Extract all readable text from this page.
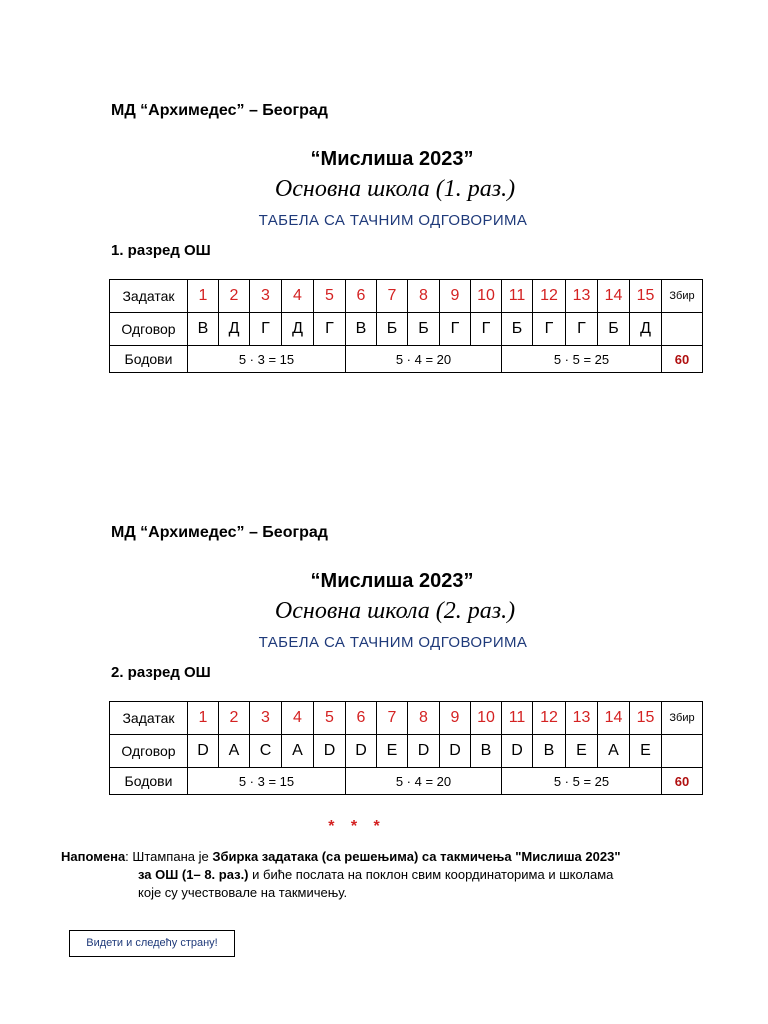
МД “Архимедес” – Београд
“Мислиша 2023”
Основна школа (1. раз.)
ТАБЕЛА СА ТАЧНИМ ОДГОВОРИМА
1. разред ОШ
Задатак	1	2	3	4	5	6	7	8	9	10	11	12	13	14	15	Збир
Одговор	В	Д	Г	Д	Г	В	Б	Б	Г	Г	Б	Г	Г	Б	Д	
Бодови	5 · 3 = 15					5 · 4 = 20					5 · 5 = 25					60
МД “Архимедес” – Београд
“Мислиша 2023”
Основна школа (2. раз.)
ТАБЕЛА СА ТАЧНИМ ОДГОВОРИМА
2. разред ОШ
Задатак	1	2	3	4	5	6	7	8	9	10	11	12	13	14	15	Збир
Одговор	D	A	C	A	D	D	E	D	D	B	D	B	E	A	E	
Бодови	5 · 3 = 15					5 · 4 = 20					5 · 5 = 25					60
* * *
Напомена: Штампана је Збирка задатака (са решењима) са такмичења "Мислиша 2023"
за ОШ (1– 8. раз.) и биће послата на поклон свим координаторима и школама
које су учествовале на такмичењу.
Видети и следећу страну!
